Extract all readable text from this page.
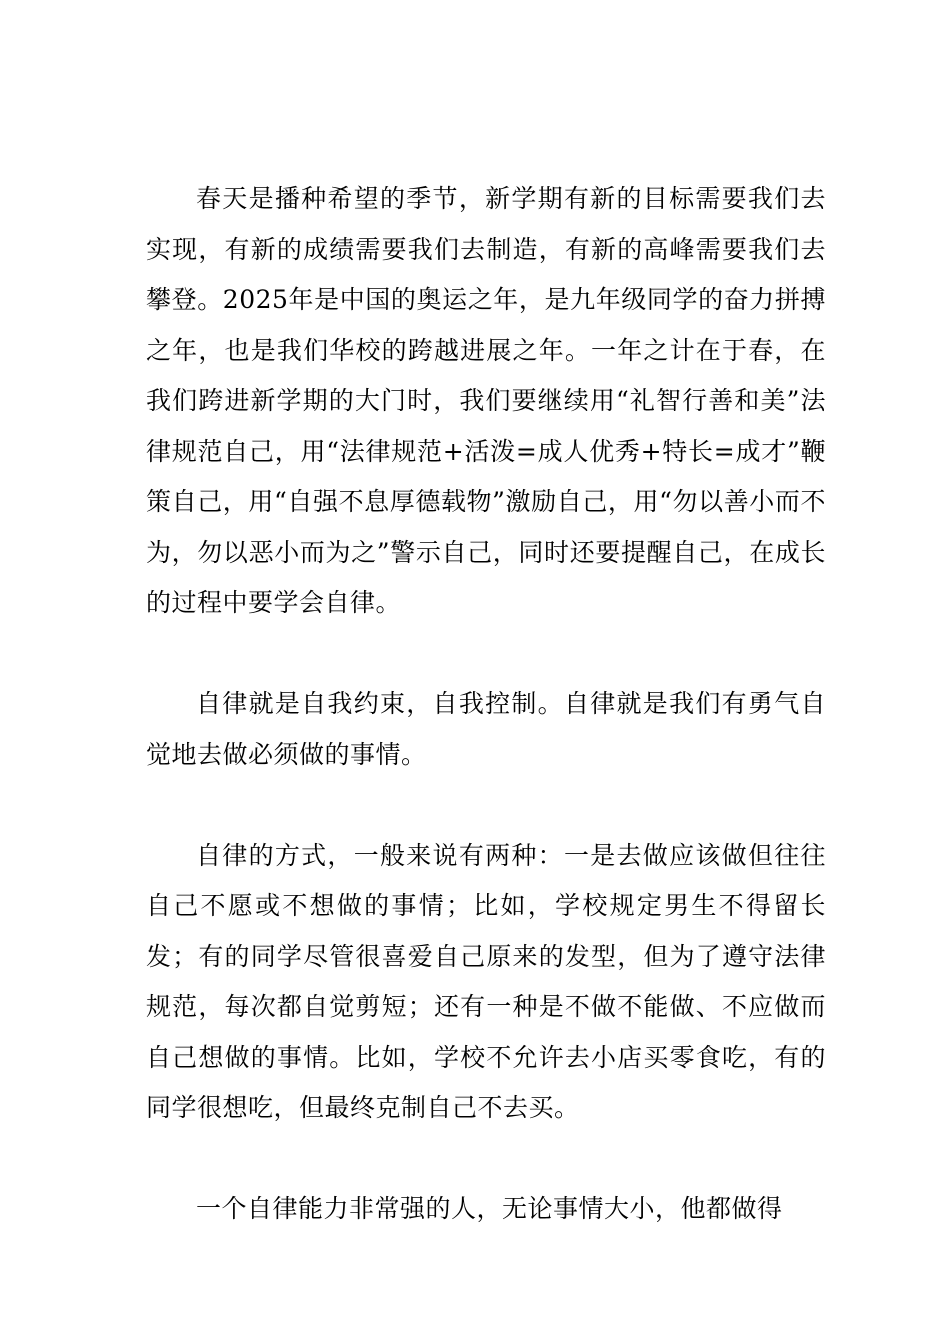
春天是播种希望的季节，新学期有新的目标需要我们去实现，有新的成绩需要我们去制造，有新的高峰需要我们去攀登。2025年是中国的奥运之年，是九年级同学的奋力拼搏之年，也是我们华校的跨越进展之年。一年之计在于春，在我们跨进新学期的大门时，我们要继续用“礼智行善和美”法律规范自己，用“法律规范+活泼=成人优秀+特长=成才”鞭策自己，用“自强不息厚德载物”激励自己，用“勿以善小而不为，勿以恶小而为之”警示自己，同时还要提醒自己，在成长的过程中要学会自律。

自律就是自我约束，自我控制。自律就是我们有勇气自觉地去做必须做的事情。

自律的方式，一般来说有两种：一是去做应该做但往往自己不愿或不想做的事情；比如，学校规定男生不得留长发；有的同学尽管很喜爱自己原来的发型，但为了遵守法律规范，每次都自觉剪短；还有一种是不做不能做、不应做而自己想做的事情。比如，学校不允许去小店买零食吃，有的同学很想吃，但最终克制自己不去买。

一个自律能力非常强的人，无论事情大小，他都做得
